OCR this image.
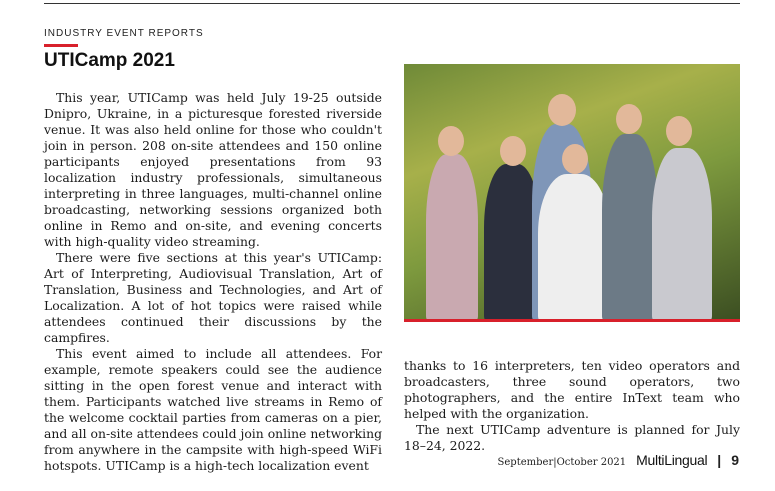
INDUSTRY EVENT REPORTS
UTICamp 2021

This year, UTICamp was held July 19-25 outside Dnipro, Ukraine, in a picturesque forested riverside venue. It was also held online for those who couldn't join in person. 208 on-site attendees and 150 online participants enjoyed presentations from 93 localization industry professionals, simultaneous interpreting in three languages, multi-channel online broadcasting, networking sessions organized both online in Remo and on-site, and evening concerts with high-quality video streaming.

There were five sections at this year's UTICamp: Art of Interpreting, Audiovisual Translation, Art of Translation, Business and Technologies, and Art of Localization. A lot of hot topics were raised while attendees continued their discussions by the campfires.

This event aimed to include all attendees. For example, remote speakers could see the audience sitting in the open forest venue and interact with them. Participants watched live streams in Remo of the welcome cocktail parties from cameras on a pier, and all on-site attendees could join online networking from anywhere in the campsite with high-speed WiFi hotspots. UTICamp is a high-tech localization event

thanks to 16 interpreters, ten video operators and broadcasters, three sound operators, two photographers, and the entire InText team who helped with the organization.

The next UTICamp adventure is planned for July 18–24, 2022.

September|October 2021 MultiLingual | 9
